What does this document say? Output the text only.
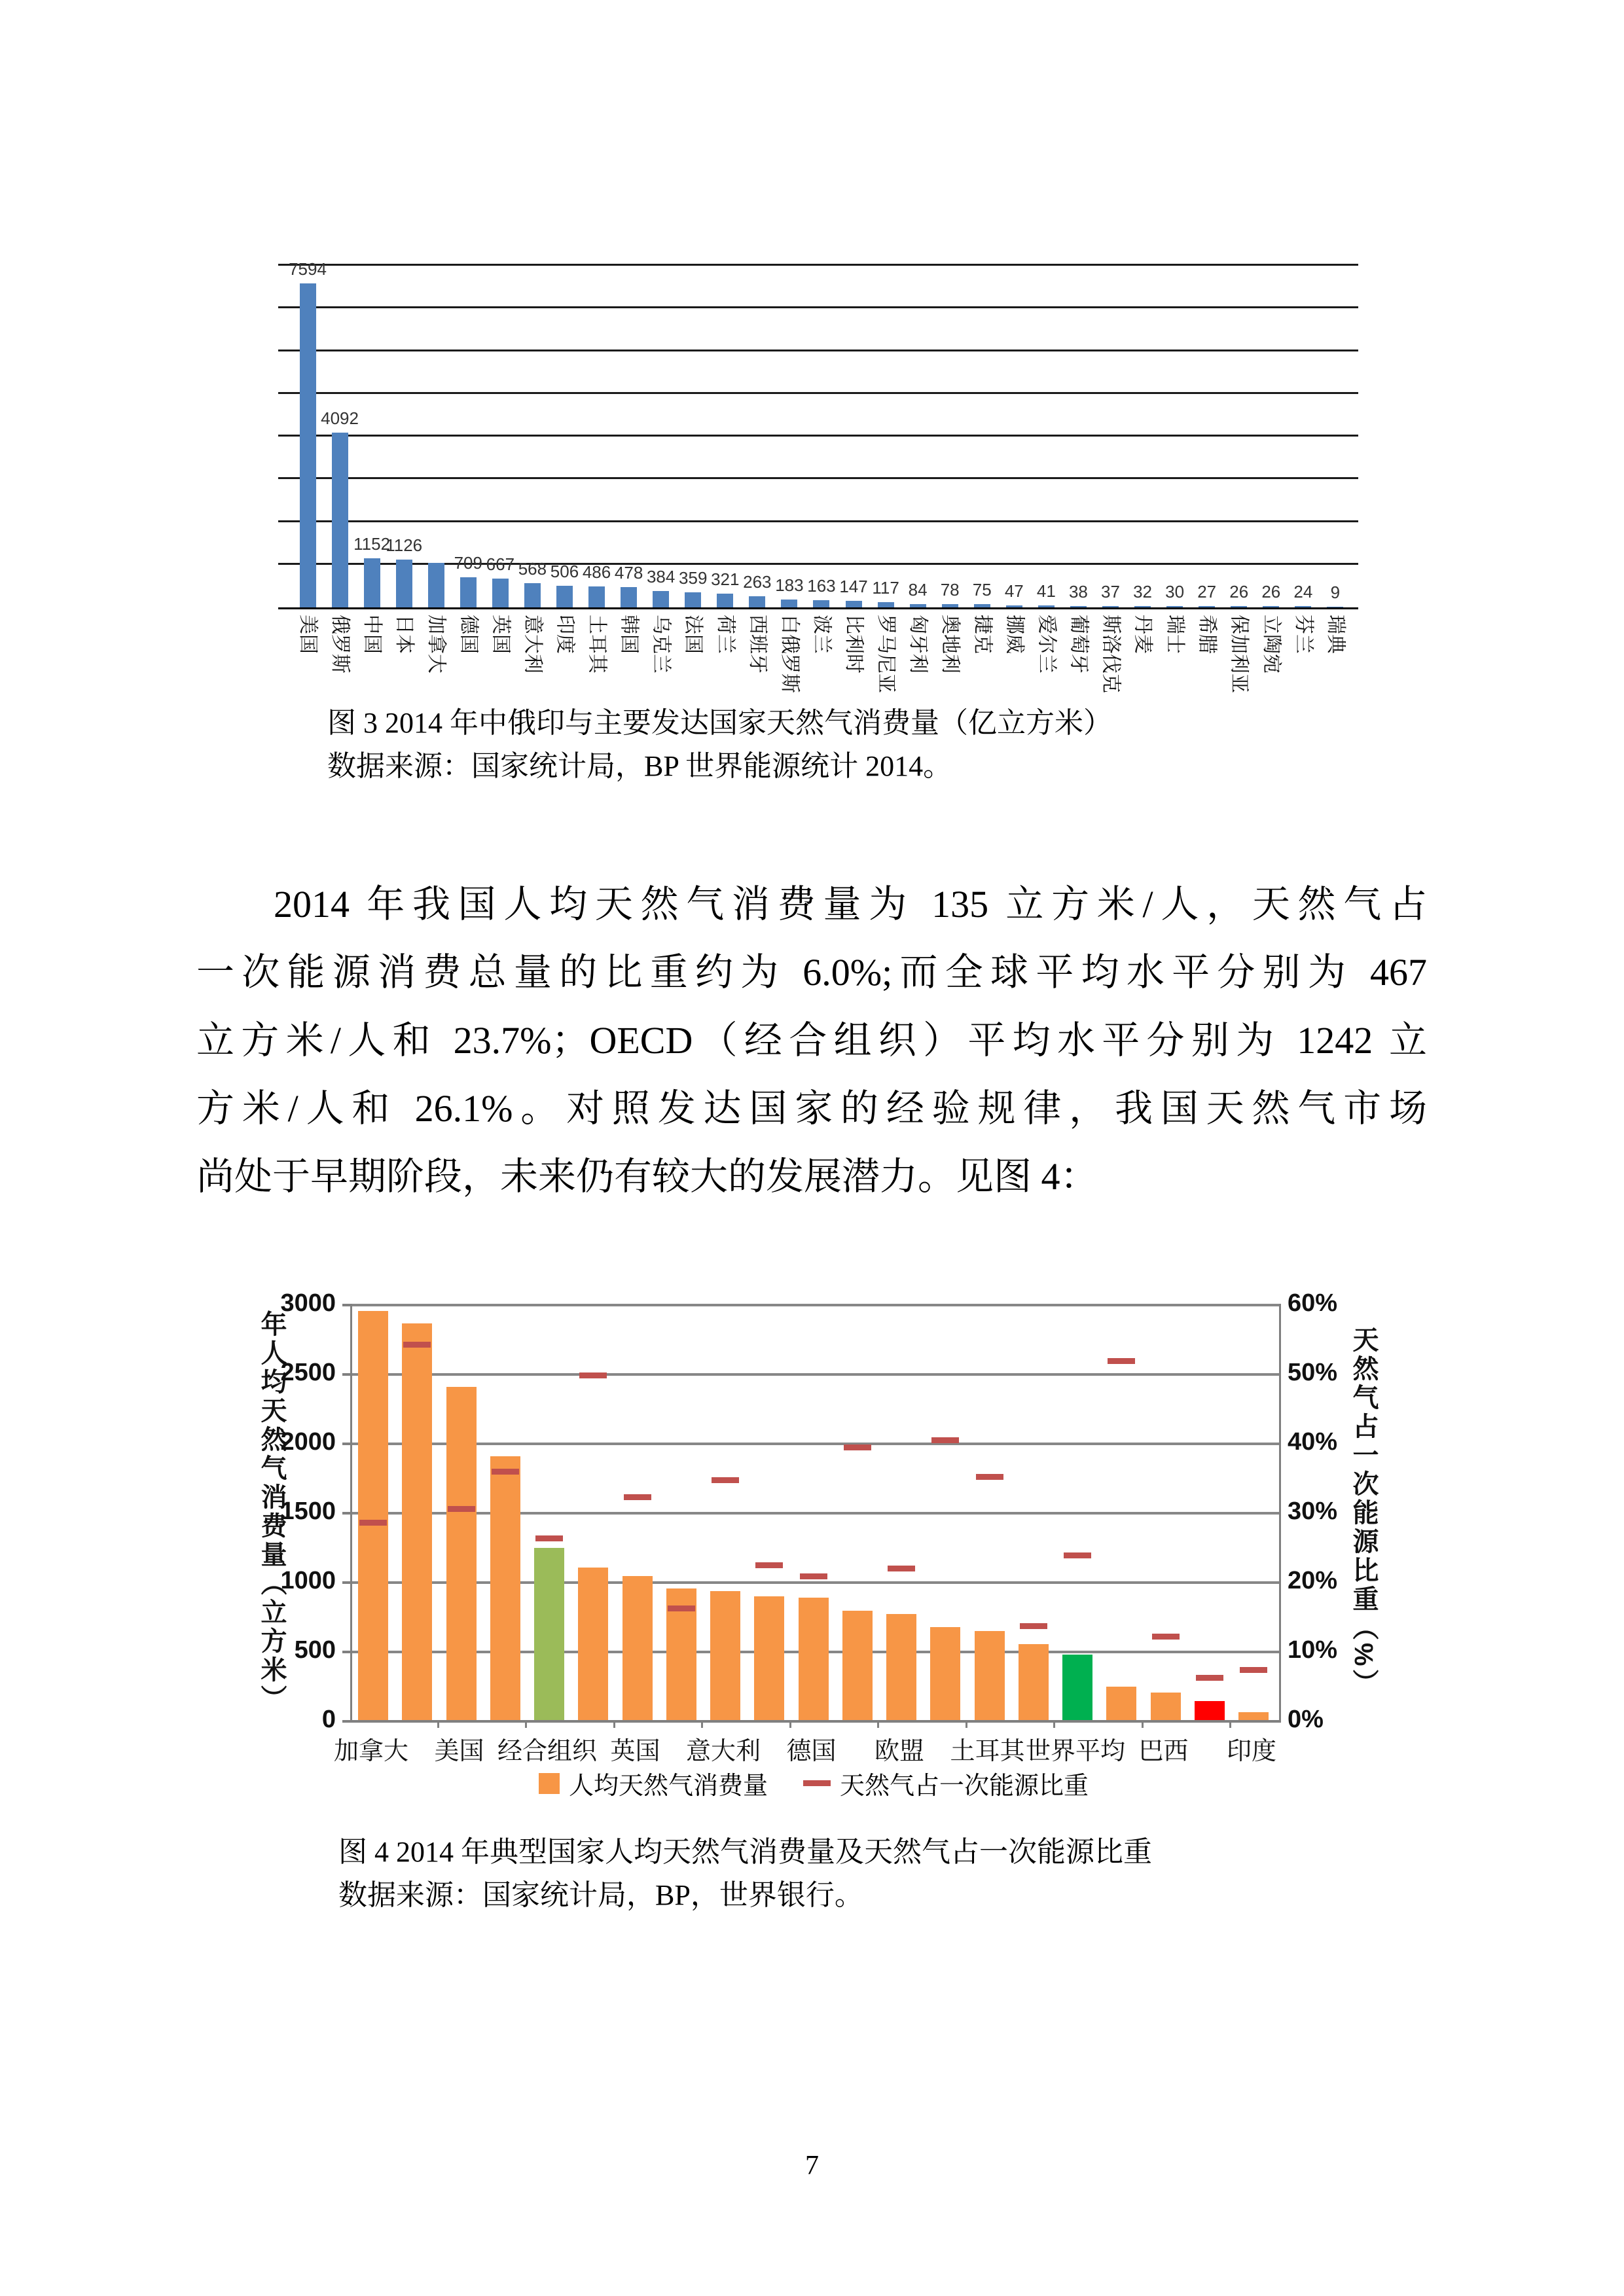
7594
4092
1152
1126
709 667 568 506 486 478 384 359 321 263 183 163 147 117 84 78 75 47 41 38 37 32 30 27 26 26 24 9
美国 俄罗斯 中国 日本 加拿大 德国 英国 意大利 印度 土耳其 韩国 乌克兰 法国 荷兰 西班牙 白俄罗斯 波兰 比利时 罗马尼亚 匈牙利 奥地利 捷克 挪威 爱尔兰 葡萄牙 斯洛伐克 丹麦 瑞士 希腊 保加利亚 立陶宛 芬兰 瑞典
图 3 2014 年中俄印与主要发达国家天然气消费量（亿立方米）
数据来源：国家统计局，BP 世界能源统计 2014。
2014 年我国人均天然气消费量为 135 立方米/人，天然气占
一次能源消费总量的比重约为 6.0%;而全球平均水平分别为 467
立方米/人和 23.7%；OECD（经合组织）平均水平分别为 1242 立
方米/人和 26.1%。对照发达国家的经验规律，我国天然气市场
尚处于早期阶段，未来仍有较大的发展潜力。见图 4：
年人均天然气消费量（立方米）	天然气占一次能源比重（%）
人均天然气消费量	天然气占一次能源比重
3000	60%
2500	50%
2000	40%
1500	30%
1000	20%
500	10%
0	0%
加拿大	美国 经合组织 英国	意大利	德国	欧盟	土耳其 世界平均 巴西	印度
图 4 2014 年典型国家人均天然气消费量及天然气占一次能源比重
数据来源：国家统计局，BP，世界银行。
7
